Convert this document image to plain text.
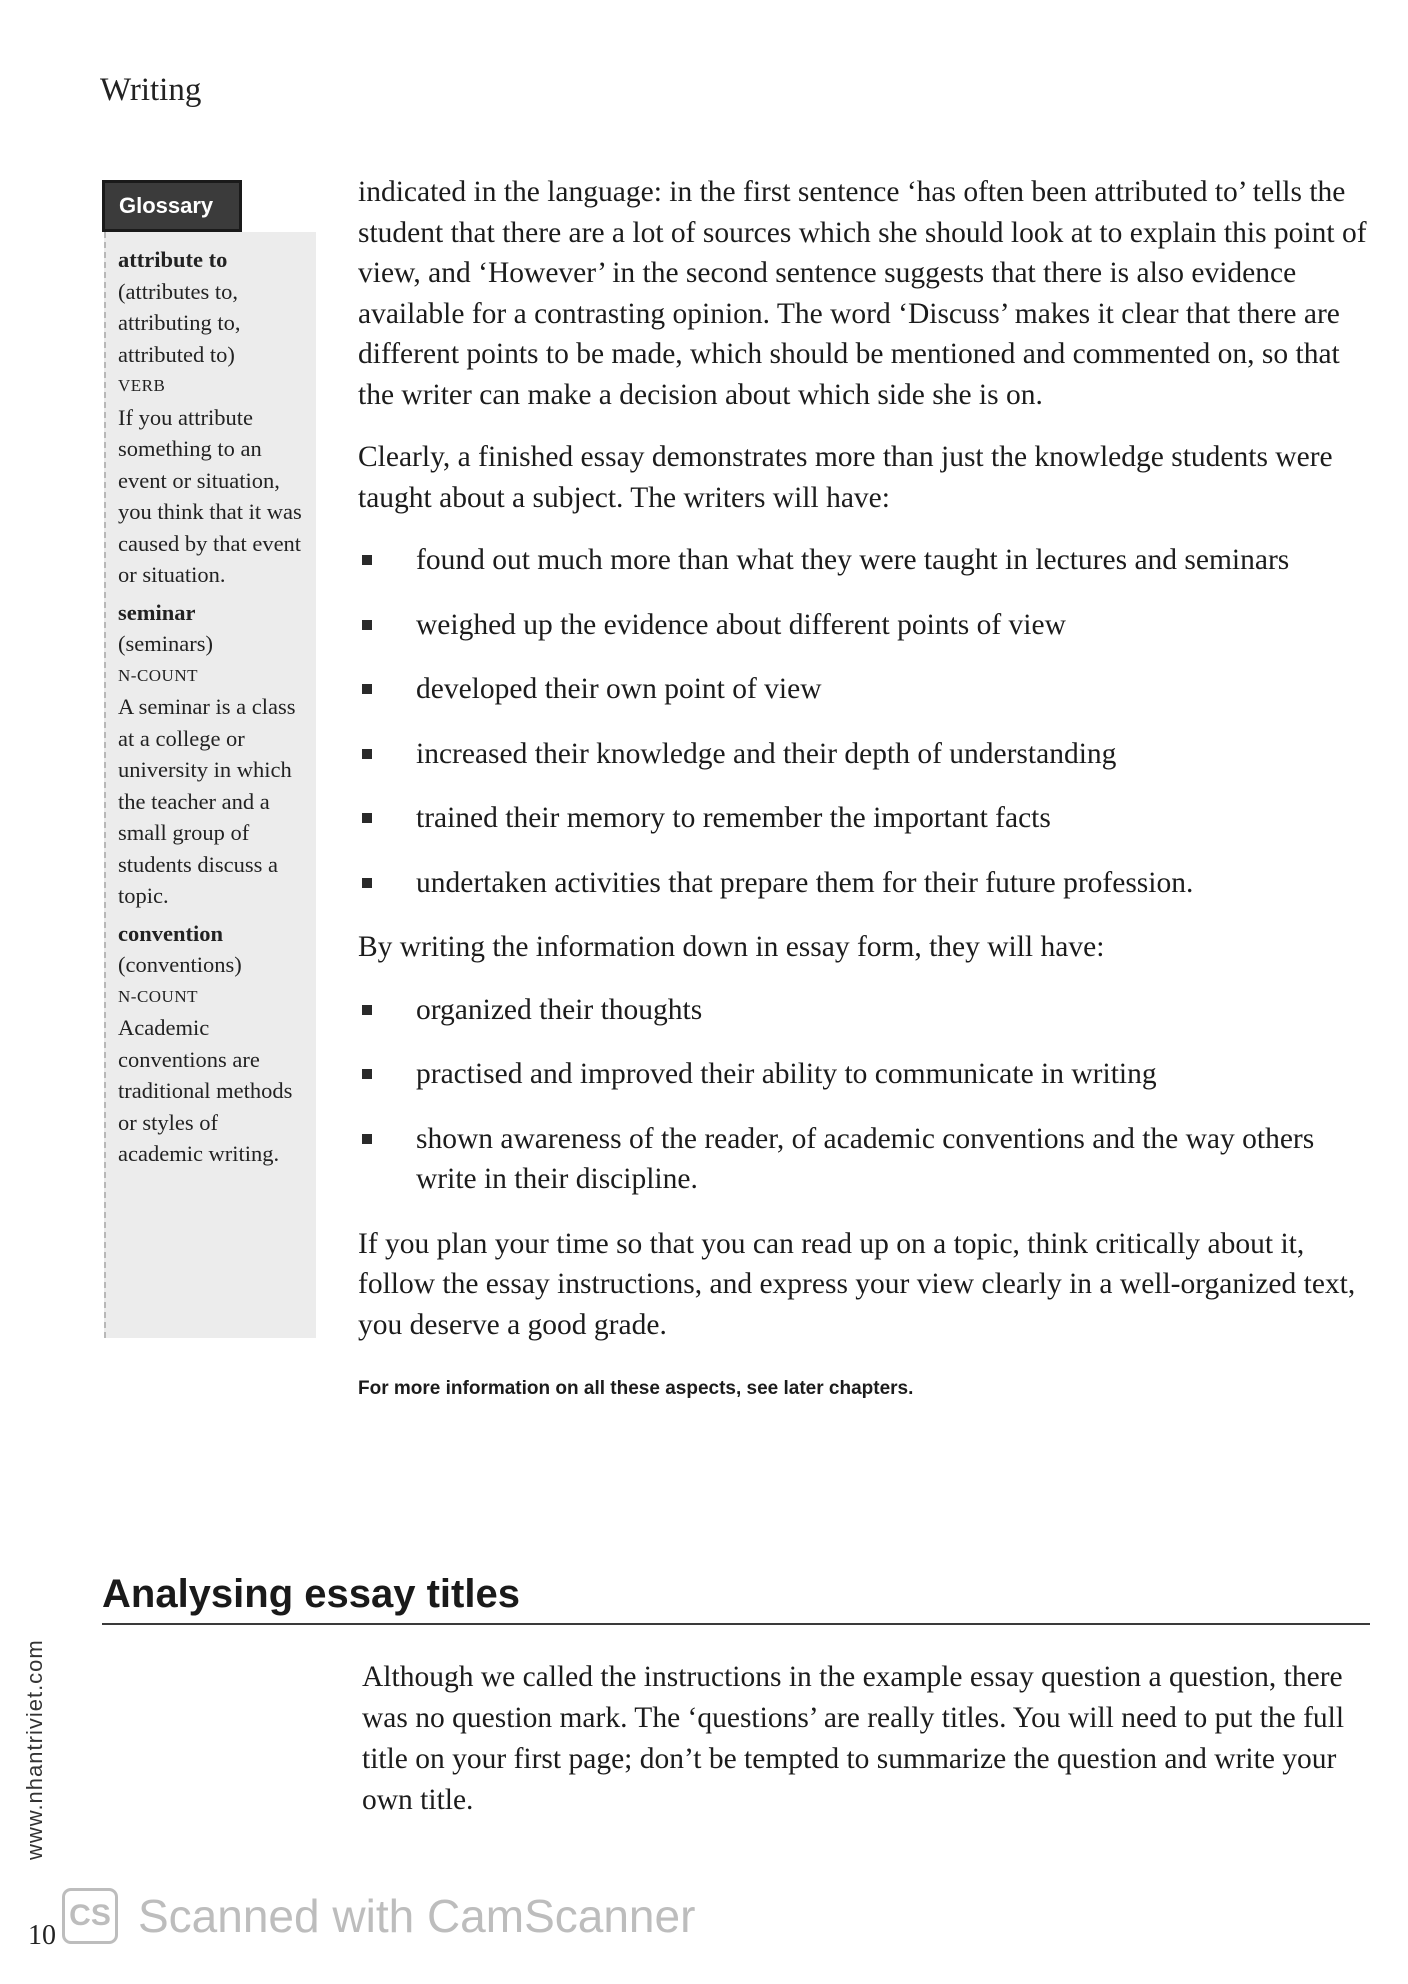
Writing
Glossary
attribute to
(attributes to, attributing to, attributed to)
VERB
If you attribute something to an event or situation, you think that it was caused by that event or situation.
seminar
(seminars)
N-COUNT
A seminar is a class at a college or university in which the teacher and a small group of students discuss a topic.
convention
(conventions)
N-COUNT
Academic conventions are traditional methods or styles of academic writing.

indicated in the language: in the first sentence ‘has often been attributed to’ tells the student that there are a lot of sources which she should look at to explain this point of view, and ‘However’ in the second sentence suggests that there is also evidence available for a contrasting opinion. The word ‘Discuss’ makes it clear that there are different points to be made, which should be mentioned and commented on, so that the writer can make a decision about which side she is on.

Clearly, a finished essay demonstrates more than just the knowledge students were taught about a subject. The writers will have:

found out much more than what they were taught in lectures and seminars
weighed up the evidence about different points of view
developed their own point of view
increased their knowledge and their depth of understanding
trained their memory to remember the important facts
undertaken activities that prepare them for their future profession.

By writing the information down in essay form, they will have:

organized their thoughts
practised and improved their ability to communicate in writing
shown awareness of the reader, of academic conventions and the way others write in their discipline.

If you plan your time so that you can read up on a topic, think critically about it, follow the essay instructions, and express your view clearly in a well-organized text, you deserve a good grade.

For more information on all these aspects, see later chapters.
Analysing essay titles

Although we called the instructions in the example essay question a question, there was no question mark. The ‘questions’ are really titles. You will need to put the full title on your first page; don’t be tempted to summarize the question and write your own title.

www.nhantriviet.com
10
CS Scanned with CamScanner
